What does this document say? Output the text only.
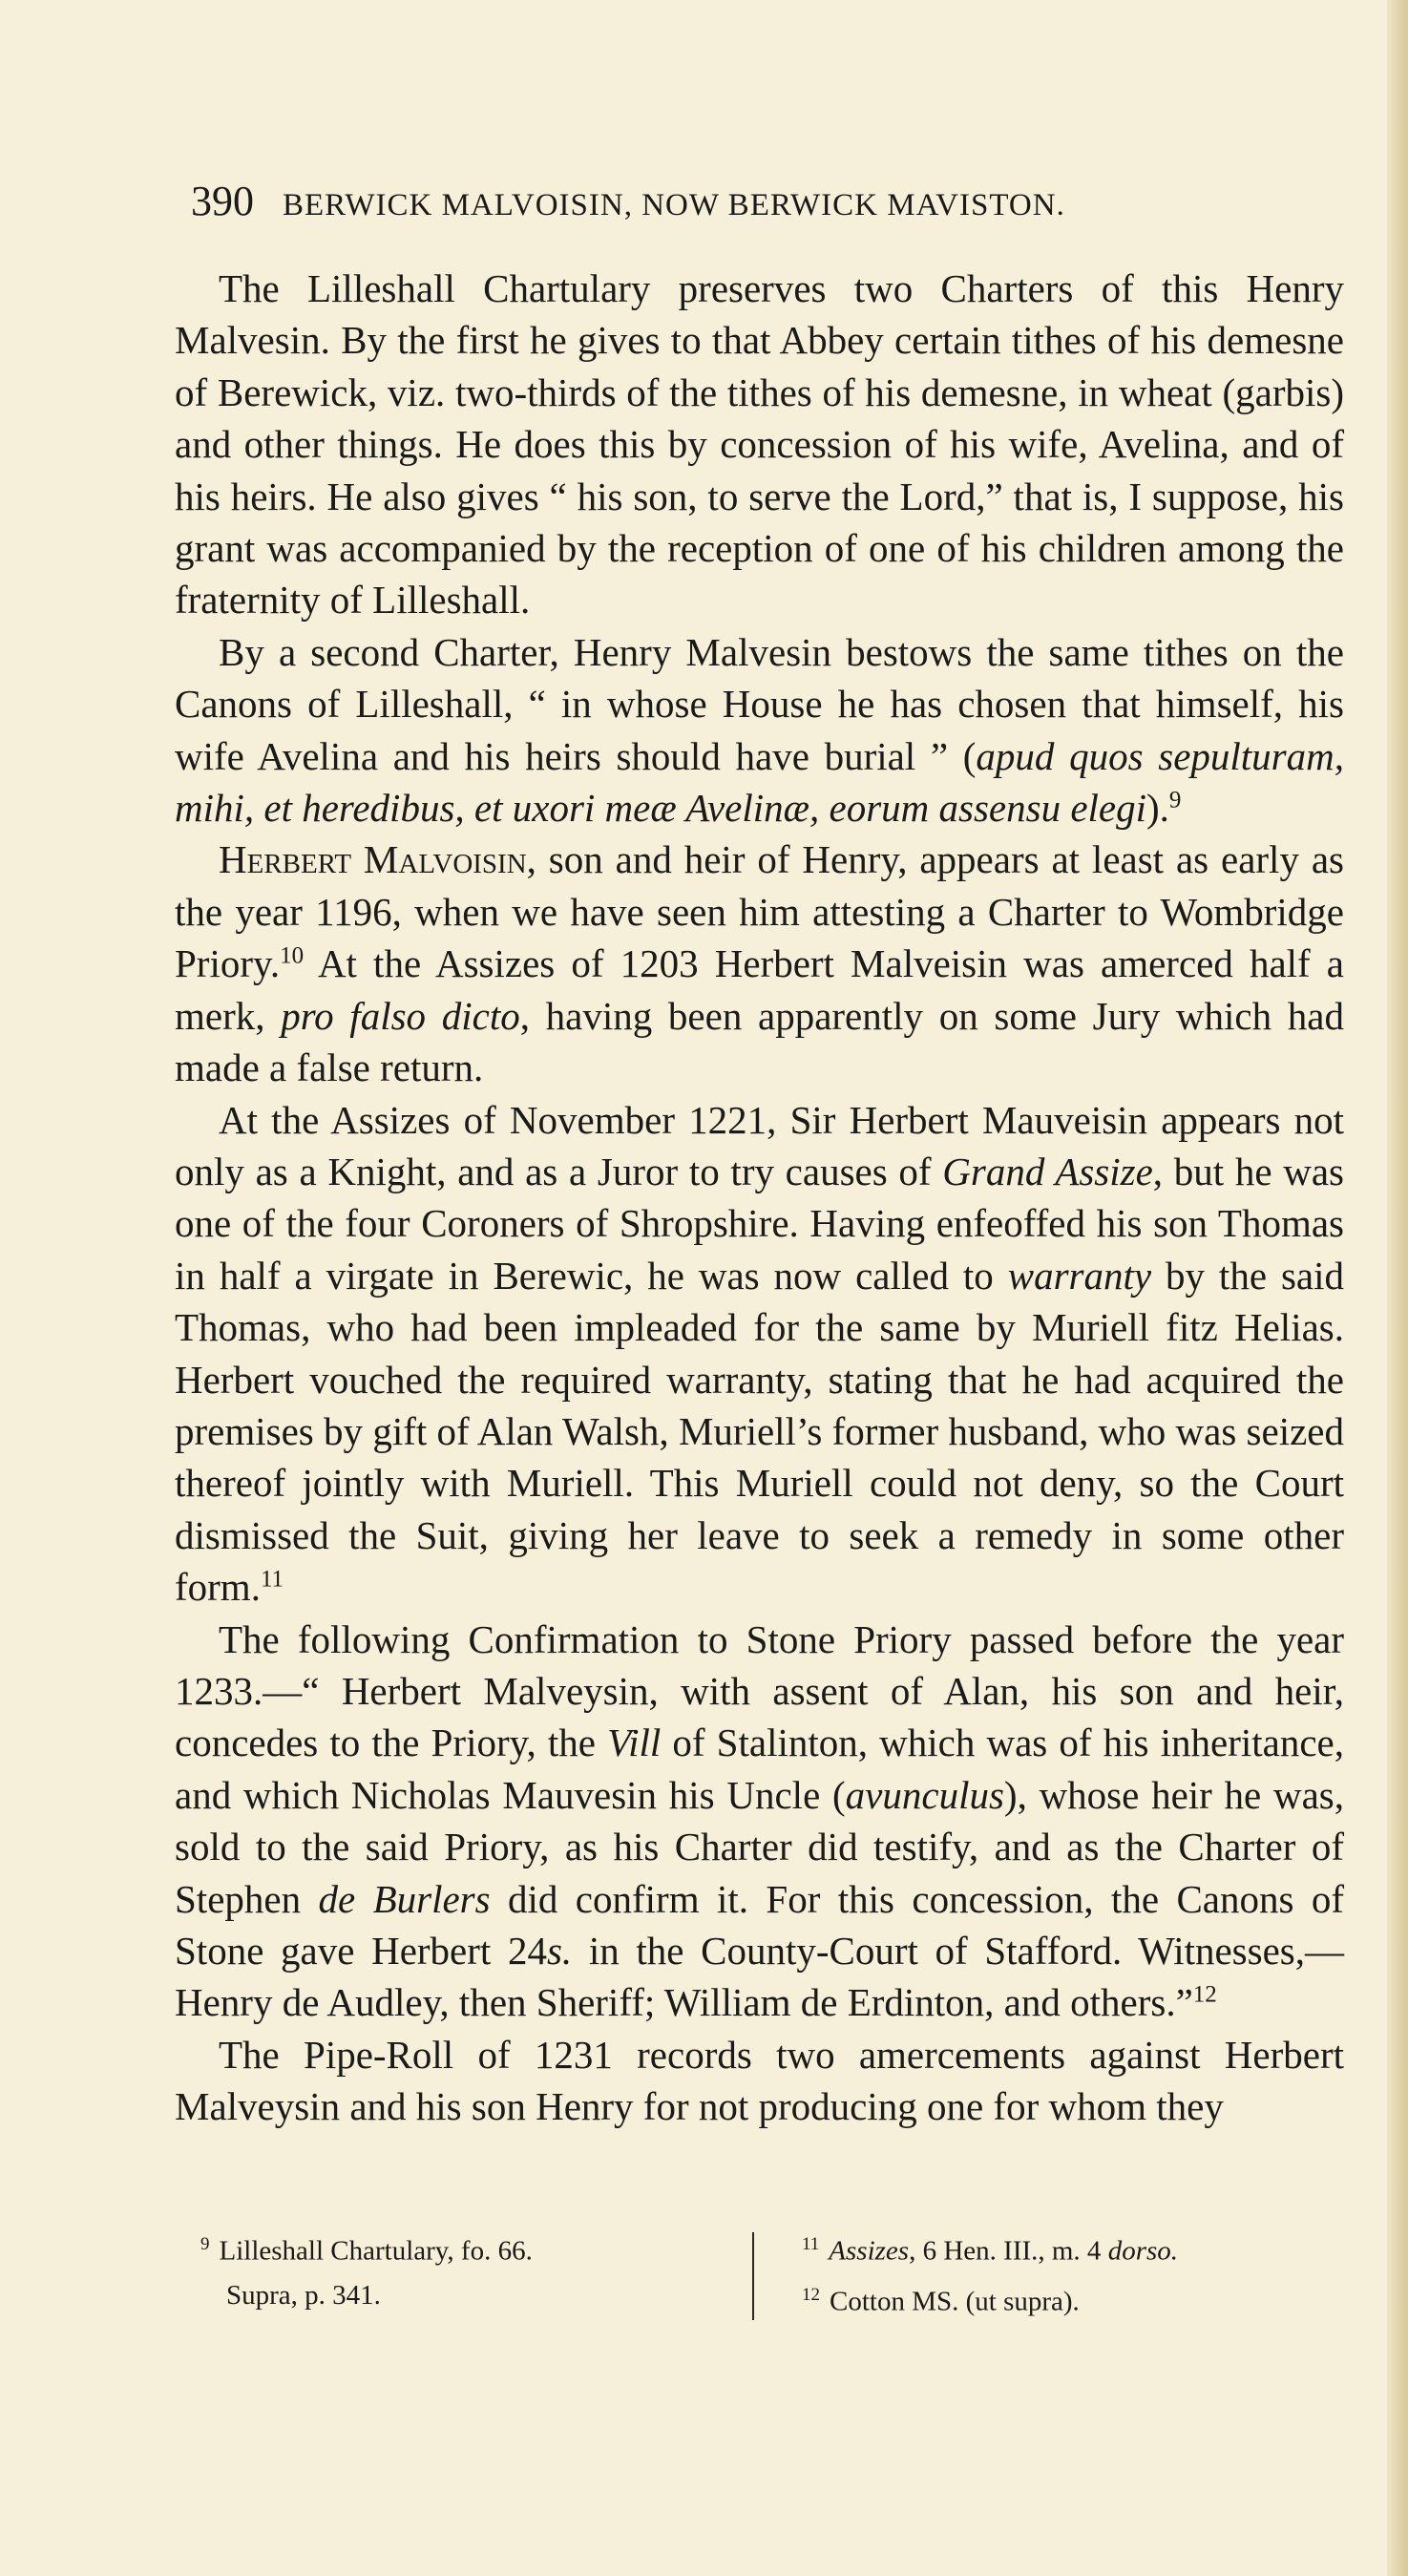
390 BERWICK MALVOISIN, NOW BERWICK MAVISTON.

The Lilleshall Chartulary preserves two Charters of this Henry Malvesin. By the first he gives to that Abbey certain tithes of his demesne of Berewick, viz. two-thirds of the tithes of his demesne, in wheat (garbis) and other things. He does this by concession of his wife, Avelina, and of his heirs. He also gives “ his son, to serve the Lord,” that is, I suppose, his grant was accompanied by the reception of one of his children among the fraternity of Lilleshall.

By a second Charter, Henry Malvesin bestows the same tithes on the Canons of Lilleshall, “ in whose House he has chosen that himself, his wife Avelina and his heirs should have burial ” (apud quos sepulturam, mihi, et heredibus, et uxori meæ Avelinæ, eorum assensu elegi).$^9$

Herbert Malvoisin, son and heir of Henry, appears at least as early as the year 1196, when we have seen him attesting a Charter to Wombridge Priory.$^{10}$ At the Assizes of 1203 Herbert Malveisin was amerced half a merk, pro falso dicto, having been apparently on some Jury which had made a false return.

At the Assizes of November 1221, Sir Herbert Mauveisin appears not only as a Knight, and as a Juror to try causes of Grand Assize, but he was one of the four Coroners of Shropshire. Having enfeoffed his son Thomas in half a virgate in Berewic, he was now called to warranty by the said Thomas, who had been impleaded for the same by Muriell fitz Helias. Herbert vouched the required warranty, stating that he had acquired the premises by gift of Alan Walsh, Muriell’s former husband, who was seized thereof jointly with Muriell. This Muriell could not deny, so the Court dismissed the Suit, giving her leave to seek a remedy in some other form.$^{11}$

The following Confirmation to Stone Priory passed before the year 1233.—“ Herbert Malveysin, with assent of Alan, his son and heir, concedes to the Priory, the Vill of Stalinton, which was of his inheritance, and which Nicholas Mauvesin his Uncle (avunculus), whose heir he was, sold to the said Priory, as his Charter did testify, and as the Charter of Stephen de Burlers did confirm it. For this concession, the Canons of Stone gave Herbert 24s. in the County-Court of Stafford. Witnesses,—Henry de Audley, then Sheriff; William de Erdinton, and others.”$^{12}$

The Pipe-Roll of 1231 records two amercements against Herbert Malveysin and his son Henry for not producing one for whom they

$^9$ Lilleshall Chartulary, fo. 66.
Supra, p. 341.
$^{11}$ Assizes, 6 Hen. III., m. 4 dorso.
$^{12}$ Cotton MS. (ut supra).
